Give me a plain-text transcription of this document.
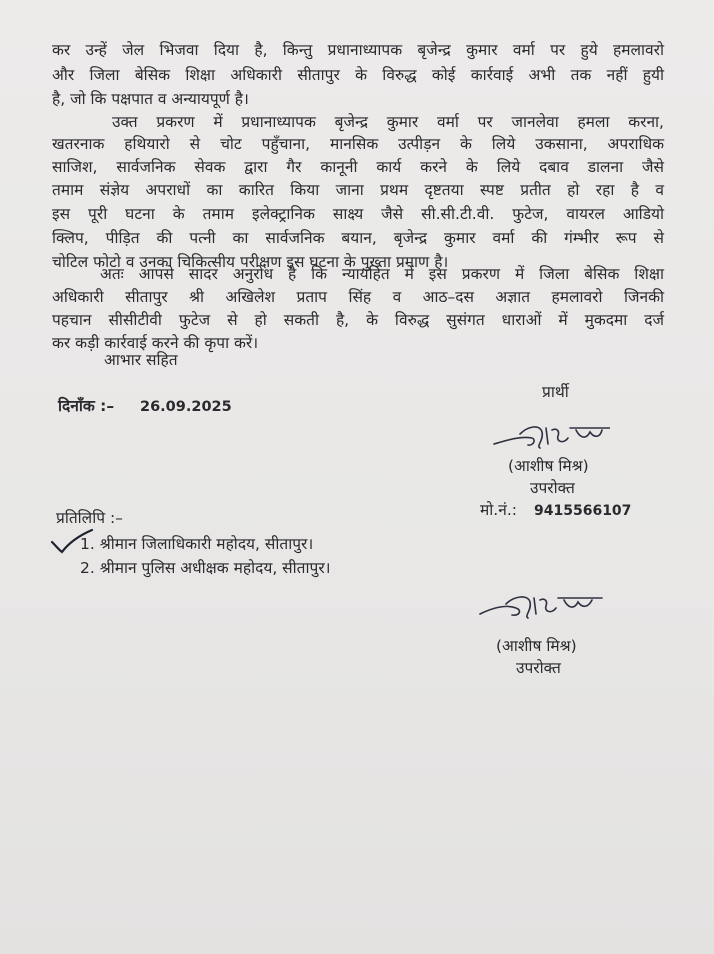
कर उन्हें जेल भिजवा दिया है, किन्तु प्रधानाध्यापक बृजेन्द्र कुमार वर्मा पर हुये हमलावरो
और जिला बेसिक शिक्षा अधिकारी सीतापुर के विरुद्ध कोई कार्रवाई अभी तक नहीं हुयी
है, जो कि पक्षपात व अन्यायपूर्ण है।
उक्त प्रकरण में प्रधानाध्यापक बृजेन्द्र कुमार वर्मा पर जानलेवा हमला करना,
खतरनाक हथियारो से चोट पहुँचाना, मानसिक उत्पीड़न के लिये उकसाना, अपराधिक
साजिश, सार्वजनिक सेवक द्वारा गैर कानूनी कार्य करने के लिये दबाव डालना जैसे
तमाम संज्ञेय अपराधों का कारित किया जाना प्रथम दृष्टतया स्पष्ट प्रतीत हो रहा है व
इस पूरी घटना के तमाम इलेक्ट्रानिक साक्ष्य जैसे सी.सी.टी.वी. फुटेज, वायरल आडियो
क्लिप, पीड़ित की पत्नी का सार्वजनिक बयान, बृजेन्द्र कुमार वर्मा की गंम्भीर रूप से
चोटिल फोटो व उनका चिकित्सीय परीक्षण इस घटना के पुख्ता प्रमाण है।
अतः आपसे सादर अनुरोध है कि न्यायहित में इस प्रकरण में जिला बेसिक शिक्षा
अधिकारी सीतापुर श्री अखिलेश प्रताप सिंह व आठ–दस अज्ञात हमलावरो जिनकी
पहचान सीसीटीवी फुटेज से हो सकती है, के विरुद्ध सुसंगत धाराओं में मुकदमा दर्ज
कर कड़ी कार्रवाई करने की कृपा करें।
आभार सहित
दिनाँक :– 26.09.2025
प्रार्थी
(आशीष मिश्र)
उपरोक्त
मो.नं.: 9415566107
प्रतिलिपि :–
1. श्रीमान जिलाधिकारी महोदय, सीतापुर।
2. श्रीमान पुलिस अधीक्षक महोदय, सीतापुर।
(आशीष मिश्र)
उपरोक्त
